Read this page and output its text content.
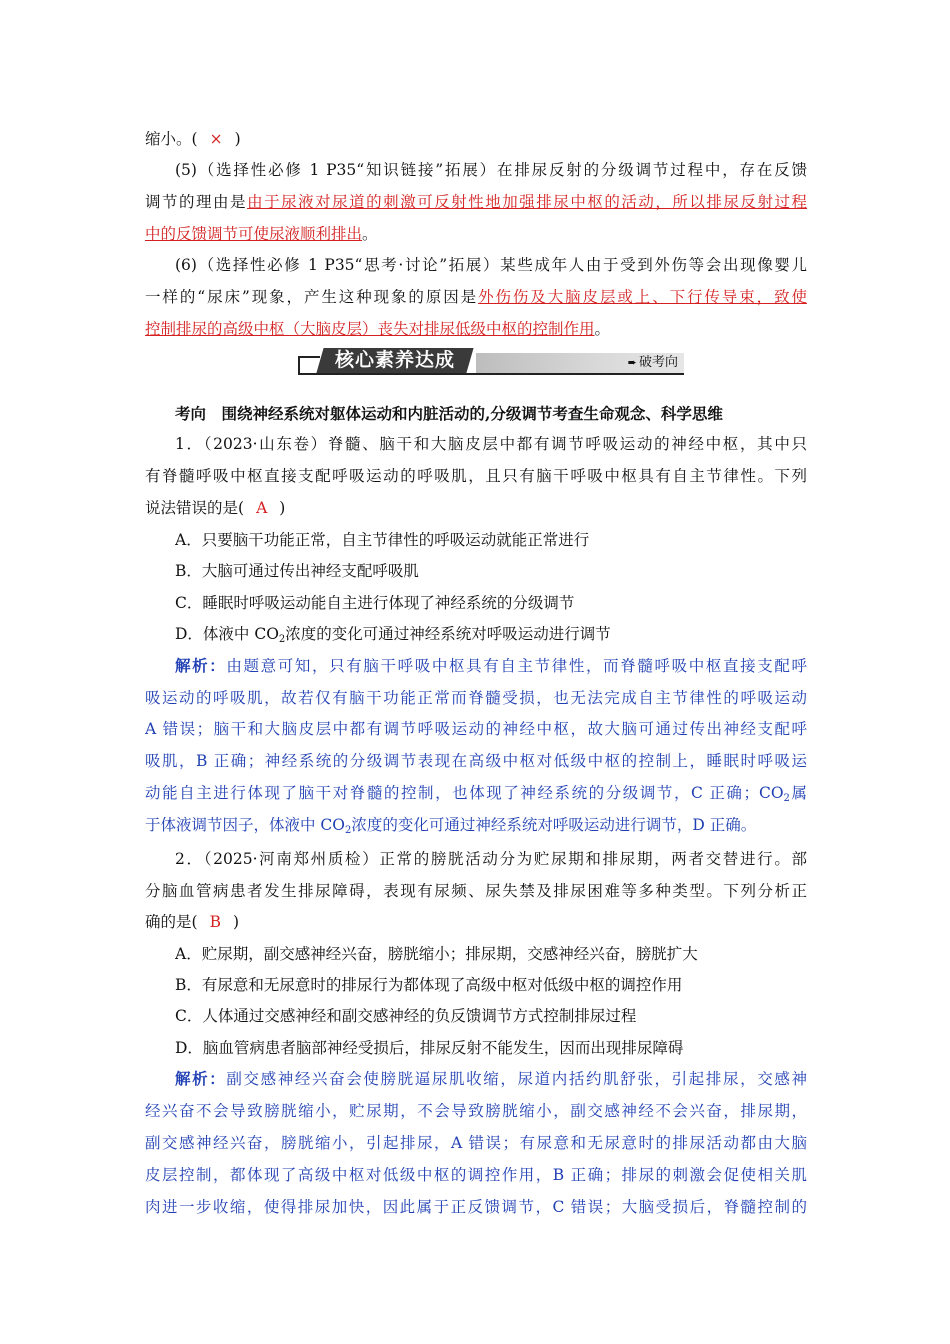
缩小。( × )
(5)（选择性必修 1 P35“知识链接”拓展）在排尿反射的分级调节过程中，存在反馈
调节的理由是由于尿液对尿道的刺激可反射性地加强排尿中枢的活动，所以排尿反射过程
中的反馈调节可使尿液顺利排出。
(6)（选择性必修 1 P35“思考·讨论”拓展）某些成年人由于受到外伤等会出现像婴儿
一样的“尿床”现象，产生这种现象的原因是外伤伤及大脑皮层或上、下行传导束，致使
控制排尿的高级中枢（大脑皮层）丧失对排尿低级中枢的控制作用。
核心素养达成	➨ 破考向
考向　围绕神经系统对躯体运动和内脏活动的,分级调节考查生命观念、科学思维
1．（2023·山东卷）脊髓、脑干和大脑皮层中都有调节呼吸运动的神经中枢，其中只
有脊髓呼吸中枢直接支配呼吸运动的呼吸肌，且只有脑干呼吸中枢具有自主节律性。下列
说法错误的是( A )
A．只要脑干功能正常，自主节律性的呼吸运动就能正常进行
B．大脑可通过传出神经支配呼吸肌
C．睡眠时呼吸运动能自主进行体现了神经系统的分级调节
D．体液中 $CO_2$浓度的变化可通过神经系统对呼吸运动进行调节
解析：由题意可知，只有脑干呼吸中枢具有自主节律性，而脊髓呼吸中枢直接支配呼
吸运动的呼吸肌，故若仅有脑干功能正常而脊髓受损，也无法完成自主节律性的呼吸运动
A 错误；脑干和大脑皮层中都有调节呼吸运动的神经中枢，故大脑可通过传出神经支配呼
吸肌，B 正确；神经系统的分级调节表现在高级中枢对低级中枢的控制上，睡眠时呼吸运
动能自主进行体现了脑干对脊髓的控制，也体现了神经系统的分级调节，C 正确；$CO_2$属
于体液调节因子，体液中 $CO_2$浓度的变化可通过神经系统对呼吸运动进行调节，D 正确。
2．（2025·河南郑州质检）正常的膀胱活动分为贮尿期和排尿期，两者交替进行。部
分脑血管病患者发生排尿障碍，表现有尿频、尿失禁及排尿困难等多种类型。下列分析正
确的是( B )
A．贮尿期，副交感神经兴奋，膀胱缩小；排尿期，交感神经兴奋，膀胱扩大
B．有尿意和无尿意时的排尿行为都体现了高级中枢对低级中枢的调控作用
C．人体通过交感神经和副交感神经的负反馈调节方式控制排尿过程
D．脑血管病患者脑部神经受损后，排尿反射不能发生，因而出现排尿障碍
解析：副交感神经兴奋会使膀胱逼尿肌收缩，尿道内括约肌舒张，引起排尿，交感神
经兴奋不会导致膀胱缩小，贮尿期，不会导致膀胱缩小，副交感神经不会兴奋，排尿期，
副交感神经兴奋，膀胱缩小，引起排尿，A 错误；有尿意和无尿意时的排尿活动都由大脑
皮层控制，都体现了高级中枢对低级中枢的调控作用，B 正确；排尿的刺激会促使相关肌
肉进一步收缩，使得排尿加快，因此属于正反馈调节，C 错误；大脑受损后，脊髓控制的
